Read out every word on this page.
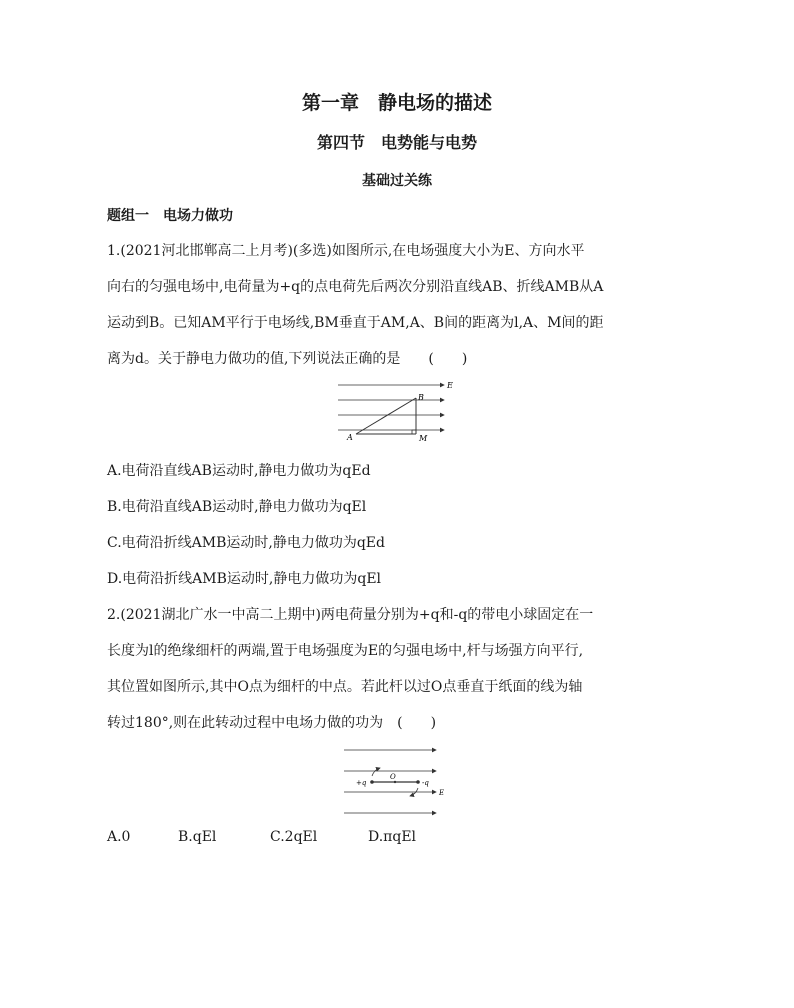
第一章　静电场的描述
第四节　电势能与电势
基础过关练
题组一　电场力做功
1.(2021河北邯郸高二上月考)(多选)如图所示,在电场强度大小为E、方向水平
向右的匀强电场中,电荷量为+q的点电荷先后两次分别沿直线AB、折线AMB从A
运动到B。已知AM平行于电场线,BM垂直于AM,A、B间的距离为l,A、M间的距
离为d。关于静电力做功的值,下列说法正确的是　　(　　)
E
B
A	M
A.电荷沿直线AB运动时,静电力做功为qEd
B.电荷沿直线AB运动时,静电力做功为qEl
C.电荷沿折线AMB运动时,静电力做功为qEd
D.电荷沿折线AMB运动时,静电力做功为qEl
2.(2021湖北广水一中高二上期中)两电荷量分别为+q和-q的带电小球固定在一
长度为l的绝缘细杆的两端,置于电场强度为E的匀强电场中,杆与场强方向平行,
其位置如图所示,其中O点为细杆的中点。若此杆以过O点垂直于纸面的线为轴
转过180°,则在此转动过程中电场力做的功为　(　　)
+q
O
-q
E
A.0	B.qEl	C.2qEl	D.πqEl
